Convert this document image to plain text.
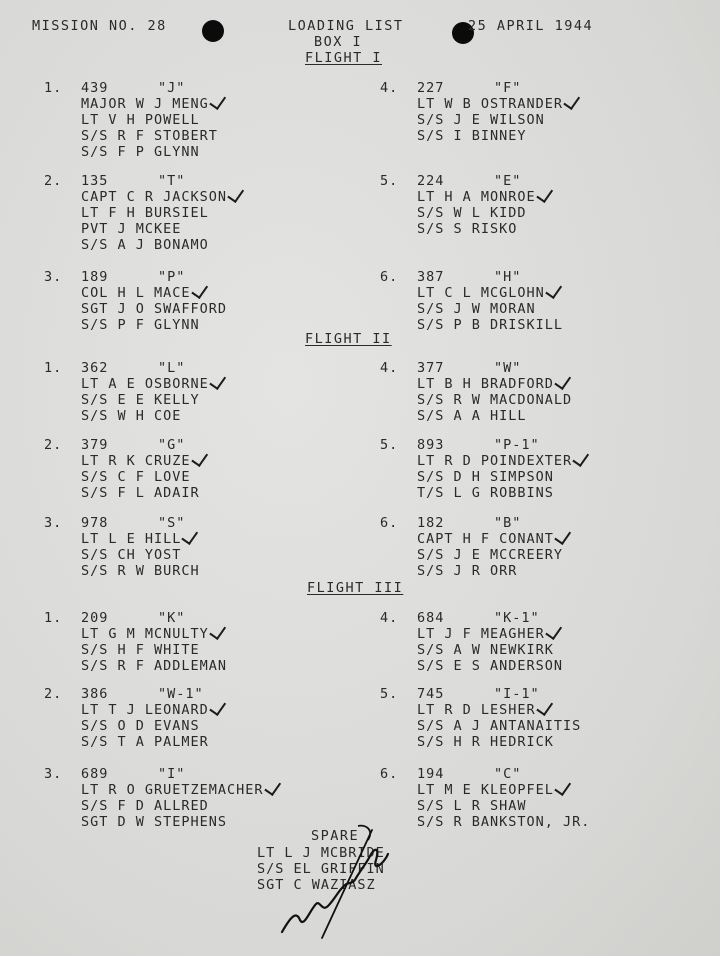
MISSION NO. 28	LOADING LIST
BOX I
25 APRIL 1944
FLIGHT I
FLIGHT II
FLIGHT III
1. 439	"J"
MAJOR W J MENG
LT V H POWELL
S/S R F STOBERT
S/S F P GLYNN
2. 135	"T"
CAPT C R JACKSON
LT F H BURSIEL
PVT J MCKEE
S/S A J BONAMO
3. 189	"P"
COL H L MACE
SGT J O SWAFFORD
S/S P F GLYNN
4. 227	"F"
LT W B OSTRANDER
S/S J E WILSON
S/S I BINNEY
5. 224	"E"
LT H A MONROE
S/S W L KIDD
S/S S RISKO
6. 387	"H"
LT C L MCGLOHN
S/S J W MORAN
S/S P B DRISKILL
1. 362	"L"
LT A E OSBORNE
S/S E E KELLY
S/S W H COE
2. 379	"G"
LT R K CRUZE
S/S C F LOVE
S/S F L ADAIR
3. 978	"S"
LT L E HILL
S/S CH YOST
S/S R W BURCH
4. 377	"W"
LT B H BRADFORD
S/S R W MACDONALD
S/S A A HILL
5. 893	"P-1"
LT R D POINDEXTER
S/S D H SIMPSON
T/S L G ROBBINS
6. 182	"B"
CAPT H F CONANT
S/S J E MCCREERY
S/S J R ORR
1. 209	"K"
LT G M MCNULTY
S/S H F WHITE
S/S R F ADDLEMAN
2. 386	"W-1"
LT T J LEONARD
S/S O D EVANS
S/S T A PALMER
3. 689	"I"
LT R O GRUETZEMACHER
S/S F D ALLRED
SGT D W STEPHENS
4. 684	"K-1"
LT J F MEAGHER
S/S A W NEWKIRK
S/S E S ANDERSON
5. 745	"I-1"
LT R D LESHER
S/S A J ANTANAITIS
S/S H R HEDRICK
6. 194	"C"
LT M E KLEOPFEL
S/S L R SHAW
S/S R BANKSTON, JR.
SPARE
LT L J MCBRIDE
S/S EL GRIFFIN
SGT C WAZIASZ
